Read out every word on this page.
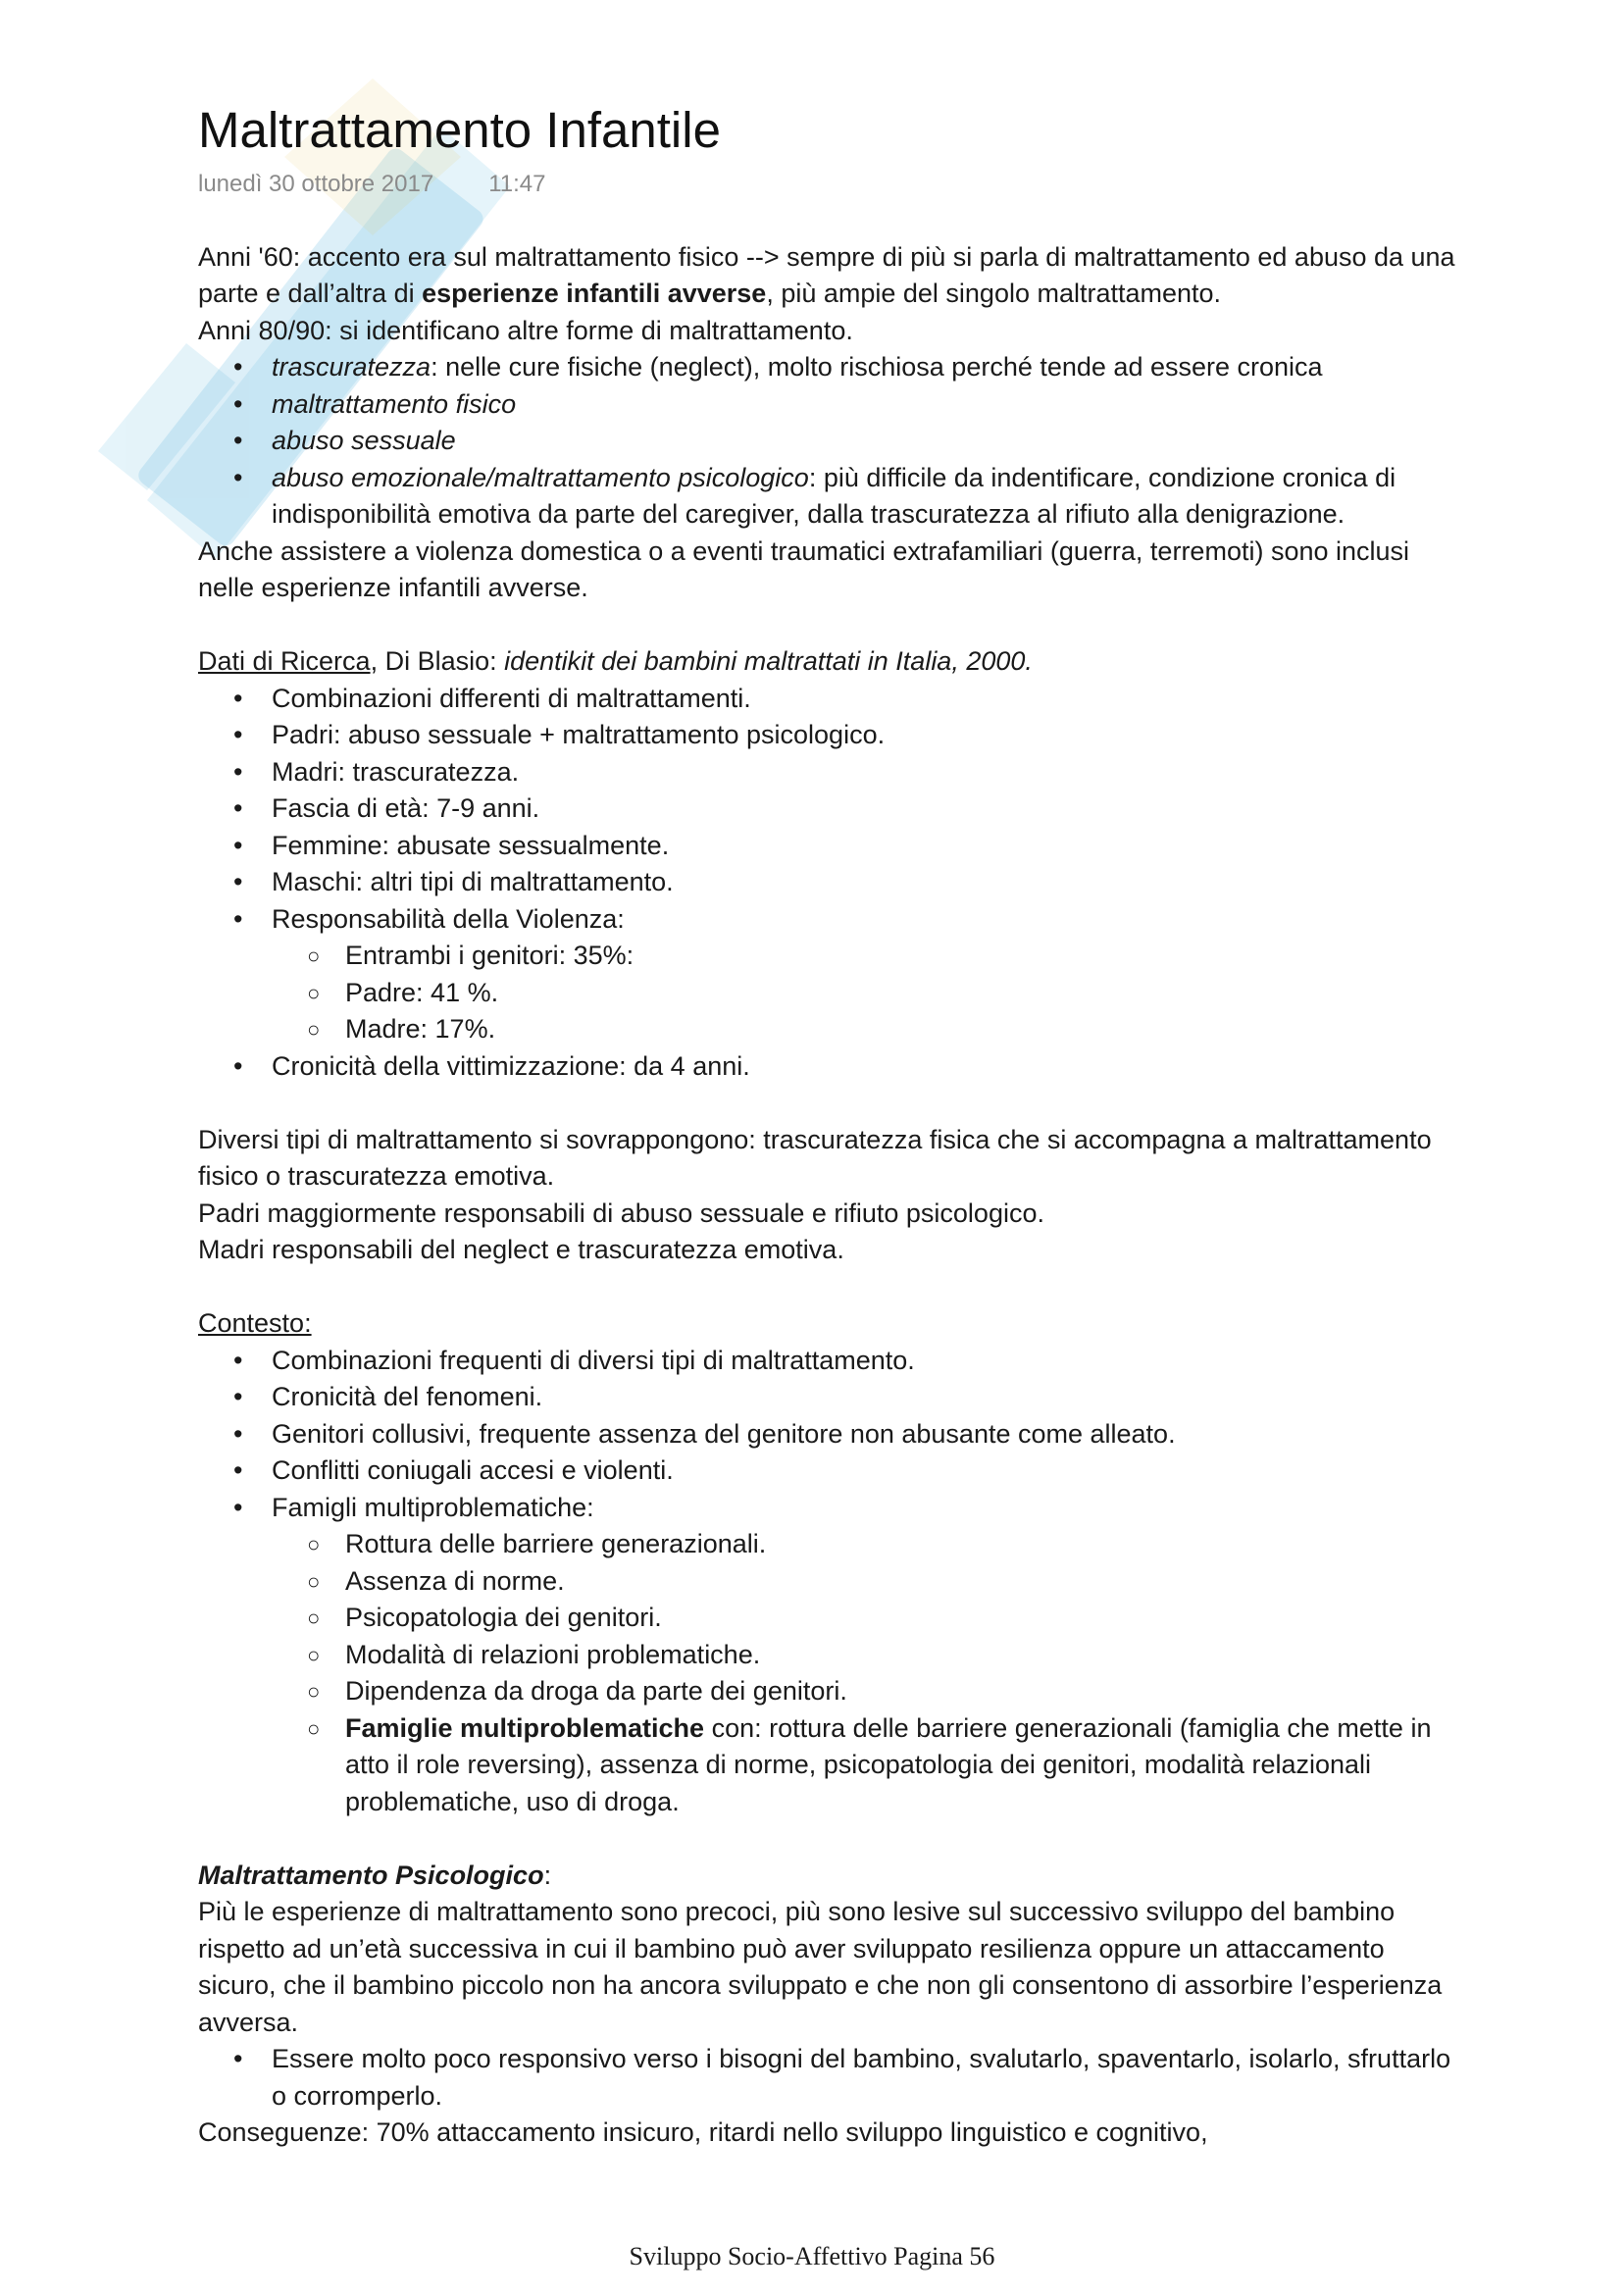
Maltrattamento Infantile
lunedì 30 ottobre 2017 11:47

Anni '60: accento era sul maltrattamento fisico --> sempre di più si parla di maltrattamento ed abuso da una parte e dall’altra di esperienze infantili avverse, più ampie del singolo maltrattamento.

Anni 80/90: si identificano altre forme di maltrattamento.

• trascuratezza: nelle cure fisiche (neglect), molto rischiosa perché tende ad essere cronica
• maltrattamento fisico
• abuso sessuale
• abuso emozionale/maltrattamento psicologico: più difficile da indentificare, condizione cronica di indisponibilità emotiva da parte del caregiver, dalla trascuratezza al rifiuto alla denigrazione.

Anche assistere a violenza domestica o a eventi traumatici extrafamiliari (guerra, terremoti) sono inclusi nelle esperienze infantili avverse.

Dati di Ricerca, Di Blasio: identikit dei bambini maltrattati in Italia, 2000.

• Combinazioni differenti di maltrattamenti.
• Padri: abuso sessuale + maltrattamento psicologico.
• Madri: trascuratezza.
• Fascia di età: 7-9 anni.
• Femmine: abusate sessualmente.
• Maschi: altri tipi di maltrattamento.
• Responsabilità della Violenza:
○ Entrambi i genitori: 35%:
○ Padre: 41 %.
○ Madre: 17%.
• Cronicità della vittimizzazione: da 4 anni.

Diversi tipi di maltrattamento si sovrappongono: trascuratezza fisica che si accompagna a maltrattamento fisico o trascuratezza emotiva.

Padri maggiormente responsabili di abuso sessuale e rifiuto psicologico.

Madri responsabili del neglect e trascuratezza emotiva.

Contesto:

• Combinazioni frequenti di diversi tipi di maltrattamento.
• Cronicità del fenomeni.
• Genitori collusivi, frequente assenza del genitore non abusante come alleato.
• Conflitti coniugali accesi e violenti.
• Famigli multiproblematiche:
○ Rottura delle barriere generazionali.
○ Assenza di norme.
○ Psicopatologia dei genitori.
○ Modalità di relazioni problematiche.
○ Dipendenza da droga da parte dei genitori.
○ Famiglie multiproblematiche con: rottura delle barriere generazionali (famiglia che mette in atto il role reversing), assenza di norme, psicopatologia dei genitori, modalità relazionali problematiche, uso di droga.

Maltrattamento Psicologico:

Più le esperienze di maltrattamento sono precoci, più sono lesive sul successivo sviluppo del bambino rispetto ad un’età successiva in cui il bambino può aver sviluppato resilienza oppure un attaccamento sicuro, che il bambino piccolo non ha ancora sviluppato e che non gli consentono di assorbire l’esperienza avversa.

• Essere molto poco responsivo verso i bisogni del bambino, svalutarlo, spaventarlo, isolarlo, sfruttarlo o corromperlo.

Conseguenze: 70% attaccamento insicuro, ritardi nello sviluppo linguistico e cognitivo,

Sviluppo Socio-Affettivo Pagina 56
